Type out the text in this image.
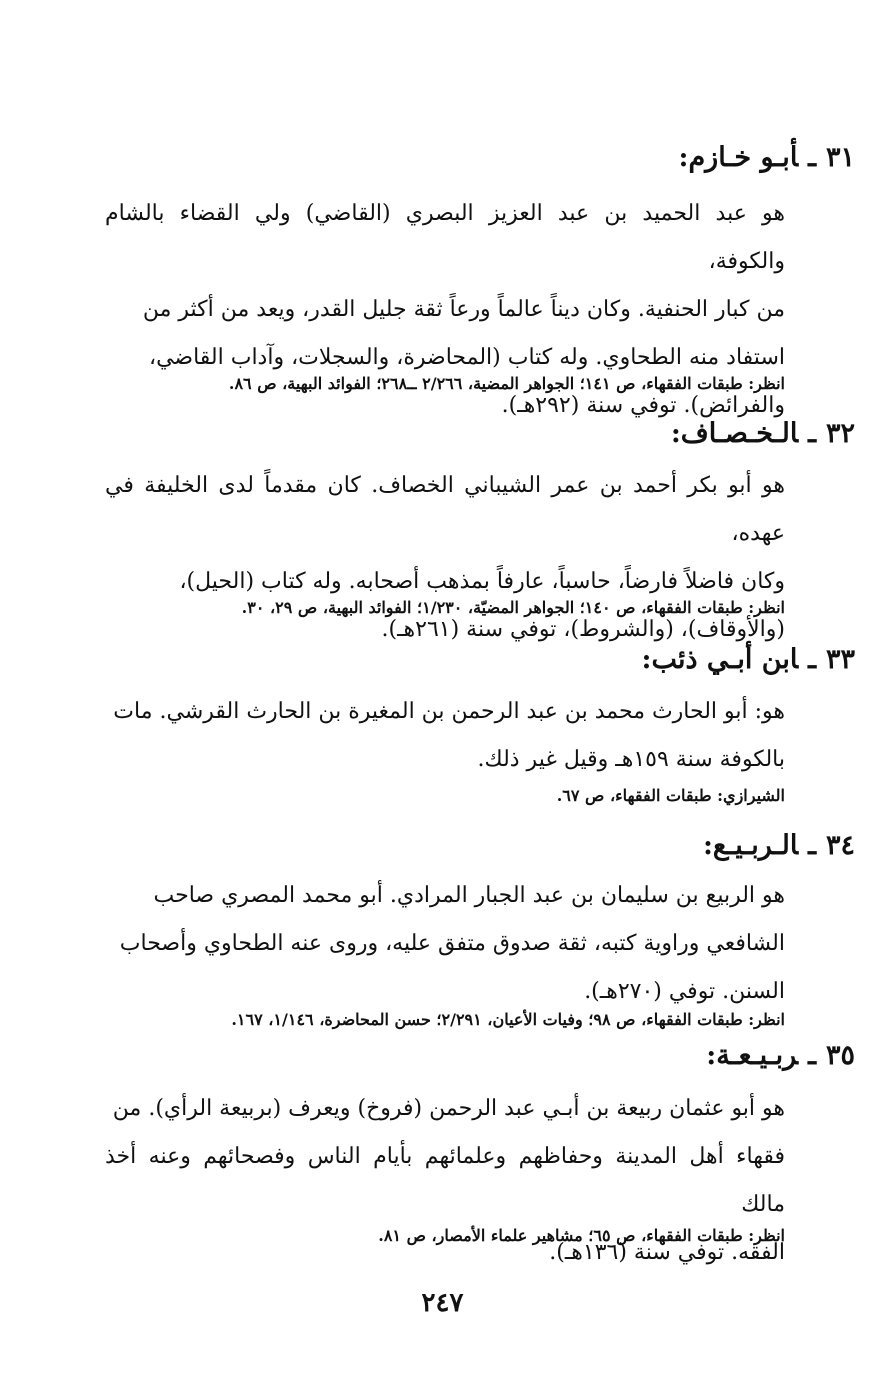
٣١ـأبـو خـازم:
هو عبد الحميد بن عبد العزيز البصري (القاضي) ولي القضاء بالشام والكوفة،
من كبار الحنفية. وكان ديناً عالماً ورعاً ثقة جليل القدر، ويعد من أكثر من
استفاد منه الطحاوي. وله كتاب (المحاضرة، والسجلات، وآداب القاضي،
والفرائض). توفي سنة (٢٩٢هـ).
انظر: طبقات الفقهاء، ص ١٤١؛ الجواهر المضية، ٢/٢٦٦ ــ٢٦٨؛ الفوائد البهية، ص ٨٦.
٣٢ـالـخـصـاف:
هو أبو بكر أحمد بن عمر الشيباني الخصاف. كان مقدماً لدى الخليفة في عهده،
وكان فاضلاً فارضاً، حاسباً، عارفاً بمذهب أصحابه. وله كتاب (الحيل)،
(والأوقاف)، (والشروط)، توفي سنة (٢٦١هـ).
انظر: طبقات الفقهاء، ص ١٤٠؛ الجواهر المضيّة، ١/٢٣٠؛ الفوائد البهية، ص ٢٩، ٣٠.
٣٣ـابن أبـي ذئب:
هو: أبو الحارث محمد بن عبد الرحمن بن المغيرة بن الحارث القرشي. مات
بالكوفة سنة ١٥٩هـ وقيل غير ذلك.
الشيرازي: طبقات الفقهاء، ص ٦٧.
٣٤ـالـربـيـع:
هو الربيع بن سليمان بن عبد الجبار المرادي. أبو محمد المصري صاحب
الشافعي وراوية كتبه، ثقة صدوق متفق عليه، وروى عنه الطحاوي وأصحاب
السنن. توفي (٢٧٠هـ).
انظر: طبقات الفقهاء، ص ٩٨؛ وفيات الأعيان، ٢/٢٩١؛ حسن المحاضرة، ١/١٤٦، ١٦٧.
٣٥ـربـيـعـة:
هو أبو عثمان ربيعة بن أبـي عبد الرحمن (فروخ) ويعرف (بربيعة الرأي). من
فقهاء أهل المدينة وحفاظهم وعلمائهم بأيام الناس وفصحائهم وعنه أخذ مالك
الفقه. توفي سنة (١٣٦هـ).
انظر: طبقات الفقهاء، ص ٦٥؛ مشاهير علماء الأمصار، ص ٨١.
٢٤٧
